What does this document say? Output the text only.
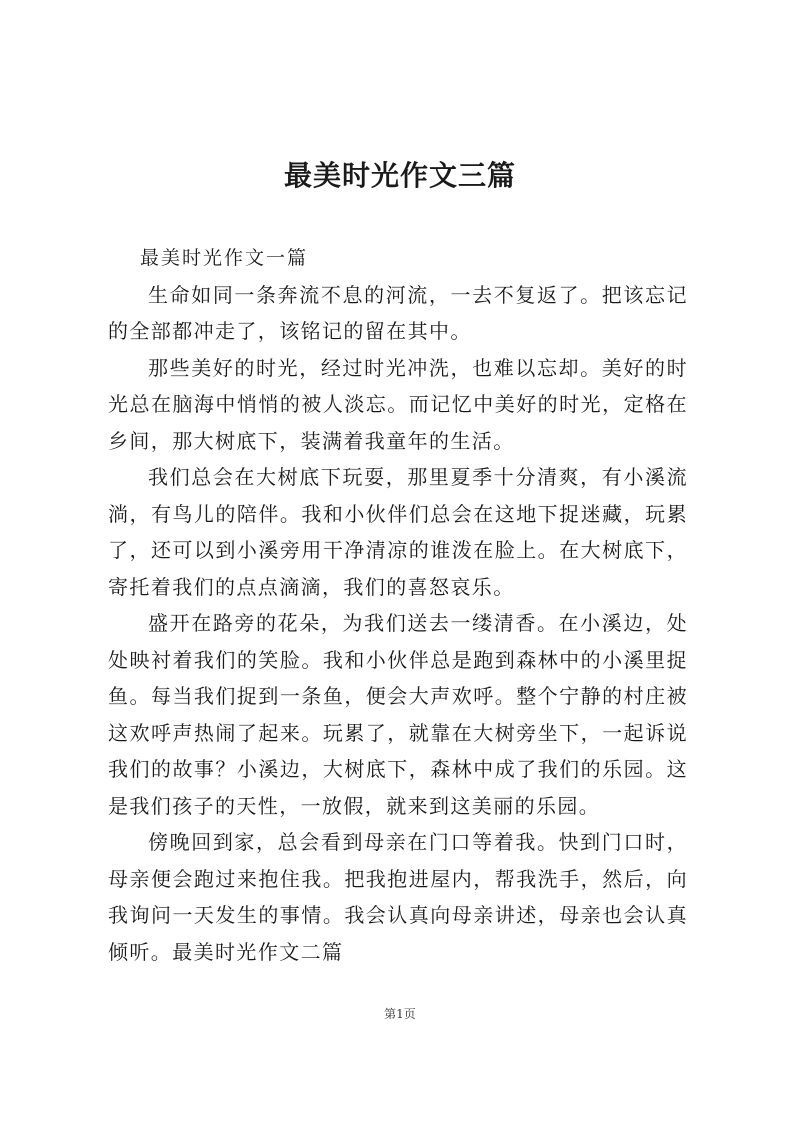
最美时光作文三篇

最美时光作文一篇

生命如同一条奔流不息的河流，一去不复返了。把该忘记的全部都冲走了，该铭记的留在其中。

那些美好的时光，经过时光冲洗，也难以忘却。美好的时光总在脑海中悄悄的被人淡忘。而记忆中美好的时光，定格在乡间，那大树底下，装满着我童年的生活。

我们总会在大树底下玩耍，那里夏季十分清爽，有小溪流淌，有鸟儿的陪伴。我和小伙伴们总会在这地下捉迷藏，玩累了，还可以到小溪旁用干净清凉的谁泼在脸上。在大树底下，寄托着我们的点点滴滴，我们的喜怒哀乐。

盛开在路旁的花朵，为我们送去一缕清香。在小溪边，处处映衬着我们的笑脸。我和小伙伴总是跑到森林中的小溪里捉鱼。每当我们捉到一条鱼，便会大声欢呼。整个宁静的村庄被这欢呼声热闹了起来。玩累了，就靠在大树旁坐下，一起诉说我们的故事？小溪边，大树底下，森林中成了我们的乐园。这是我们孩子的天性，一放假，就来到这美丽的乐园。

傍晚回到家，总会看到母亲在门口等着我。快到门口时，母亲便会跑过来抱住我。把我抱进屋内，帮我洗手，然后，向我询问一天发生的事情。我会认真向母亲讲述，母亲也会认真倾听。最美时光作文二篇

第1页
